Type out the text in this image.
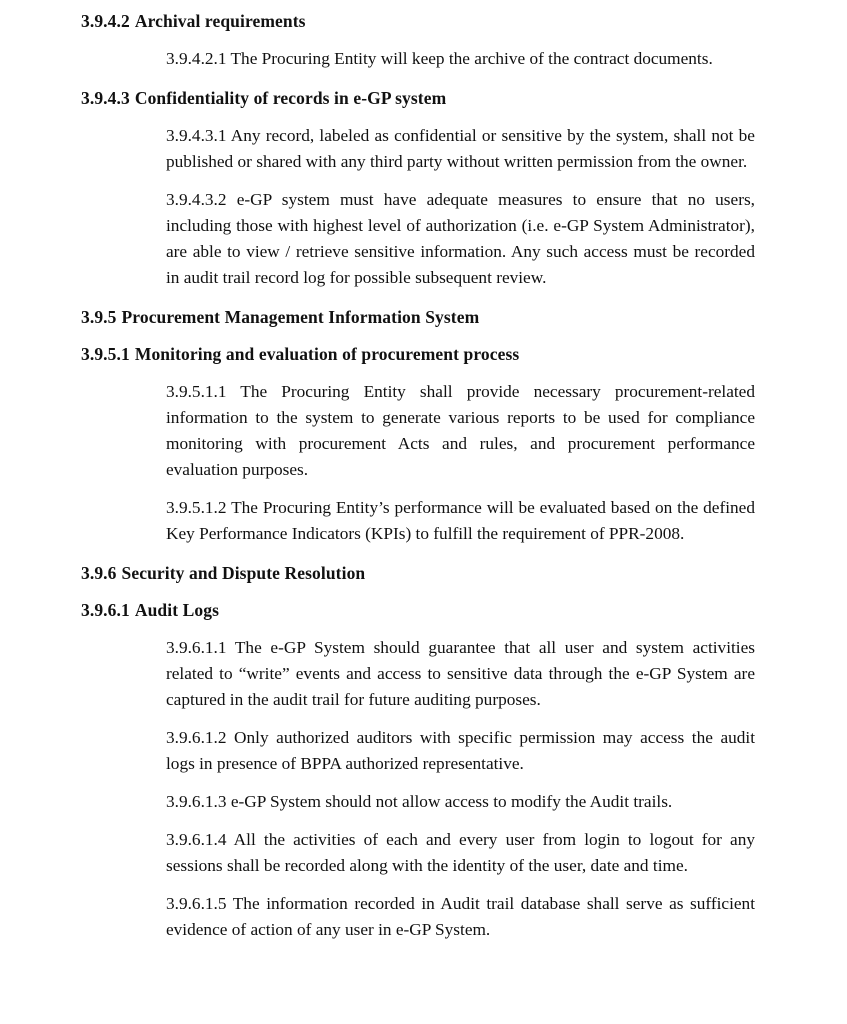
3.9.4.2 Archival requirements

3.9.4.2.1 The Procuring Entity will keep the archive of the contract documents.

3.9.4.3 Confidentiality of records in e-GP system

3.9.4.3.1 Any record, labeled as confidential or sensitive by the system, shall not be published or shared with any third party without written permission from the owner.

3.9.4.3.2 e-GP system must have adequate measures to ensure that no users, including those with highest level of authorization (i.e. e-GP System Administrator), are able to view / retrieve sensitive information. Any such access must be recorded in audit trail record log for possible subsequent review.

3.9.5 Procurement Management Information System
3.9.5.1 Monitoring and evaluation of procurement process

3.9.5.1.1 The Procuring Entity shall provide necessary procurement-related information to the system to generate various reports to be used for compliance monitoring with procurement Acts and rules, and procurement performance evaluation purposes.

3.9.5.1.2 The Procuring Entity’s performance will be evaluated based on the defined Key Performance Indicators (KPIs) to fulfill the requirement of PPR-2008.

3.9.6 Security and Dispute Resolution
3.9.6.1 Audit Logs

3.9.6.1.1 The e-GP System should guarantee that all user and system activities related to “write” events and access to sensitive data through the e-GP System are captured in the audit trail for future auditing purposes.

3.9.6.1.2 Only authorized auditors with specific permission may access the audit logs in presence of BPPA authorized representative.

3.9.6.1.3 e-GP System should not allow access to modify the Audit trails.

3.9.6.1.4 All the activities of each and every user from login to logout for any sessions shall be recorded along with the identity of the user, date and time.

3.9.6.1.5 The information recorded in Audit trail database shall serve as sufficient evidence of action of any user in e-GP System.
